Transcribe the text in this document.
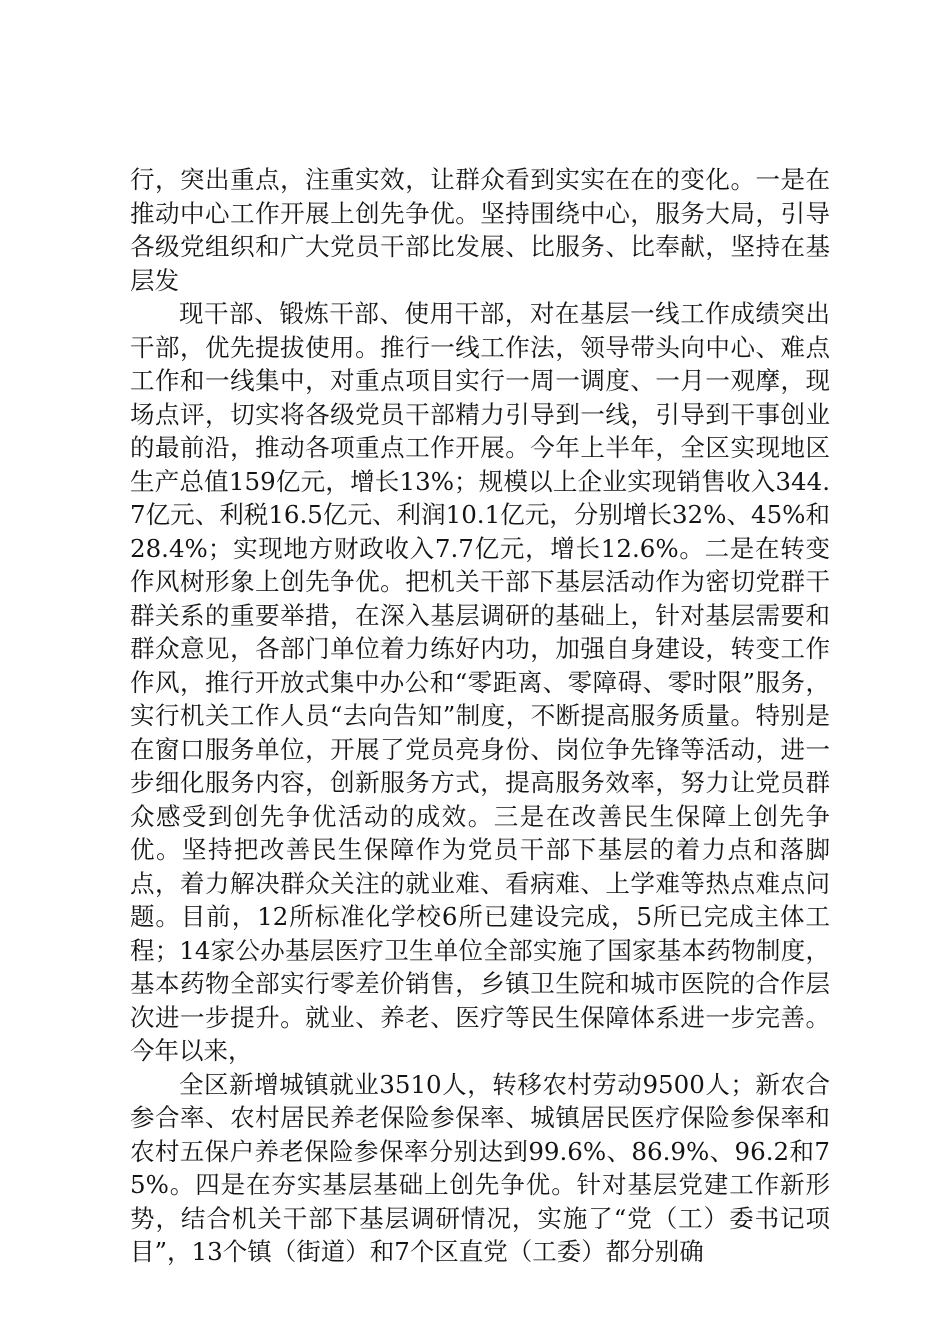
行，突出重点，注重实效，让群众看到实实在在的变化。一是在推动中心工作开展上创先争优。坚持围绕中心，服务大局，引导各级党组织和广大党员干部比发展、比服务、比奉献，坚持在基层发

现干部、锻炼干部、使用干部，对在基层一线工作成绩突出干部，优先提拔使用。推行一线工作法，领导带头向中心、难点工作和一线集中，对重点项目实行一周一调度、一月一观摩，现场点评，切实将各级党员干部精力引导到一线，引导到干事创业的最前沿，推动各项重点工作开展。今年上半年，全区实现地区生产总值159亿元，增长13%；规模以上企业实现销售收入344.7亿元、利税16.5亿元、利润10.1亿元，分别增长32%、45%和28.4%；实现地方财政收入7.7亿元，增长12.6%。二是在转变作风树形象上创先争优。把机关干部下基层活动作为密切党群干群关系的重要举措，在深入基层调研的基础上，针对基层需要和群众意见，各部门单位着力练好内功，加强自身建设，转变工作作风，推行开放式集中办公和“零距离、零障碍、零时限”服务，实行机关工作人员“去向告知”制度，不断提高服务质量。特别是在窗口服务单位，开展了党员亮身份、岗位争先锋等活动，进一步细化服务内容，创新服务方式，提高服务效率，努力让党员群众感受到创先争优活动的成效。三是在改善民生保障上创先争优。坚持把改善民生保障作为党员干部下基层的着力点和落脚点，着力解决群众关注的就业难、看病难、上学难等热点难点问题。目前，12所标准化学校6所已建设完成，5所已完成主体工程；14家公办基层医疗卫生单位全部实施了国家基本药物制度，基本药物全部实行零差价销售，乡镇卫生院和城市医院的合作层次进一步提升。就业、养老、医疗等民生保障体系进一步完善。今年以来，

全区新增城镇就业3510人，转移农村劳动9500人；新农合参合率、农村居民养老保险参保率、城镇居民医疗保险参保率和农村五保户养老保险参保率分别达到99.6%、86.9%、96.2和75%。四是在夯实基层基础上创先争优。针对基层党建工作新形势，结合机关干部下基层调研情况，实施了“党（工）委书记项目”，13个镇（街道）和7个区直党（工委）都分别确
